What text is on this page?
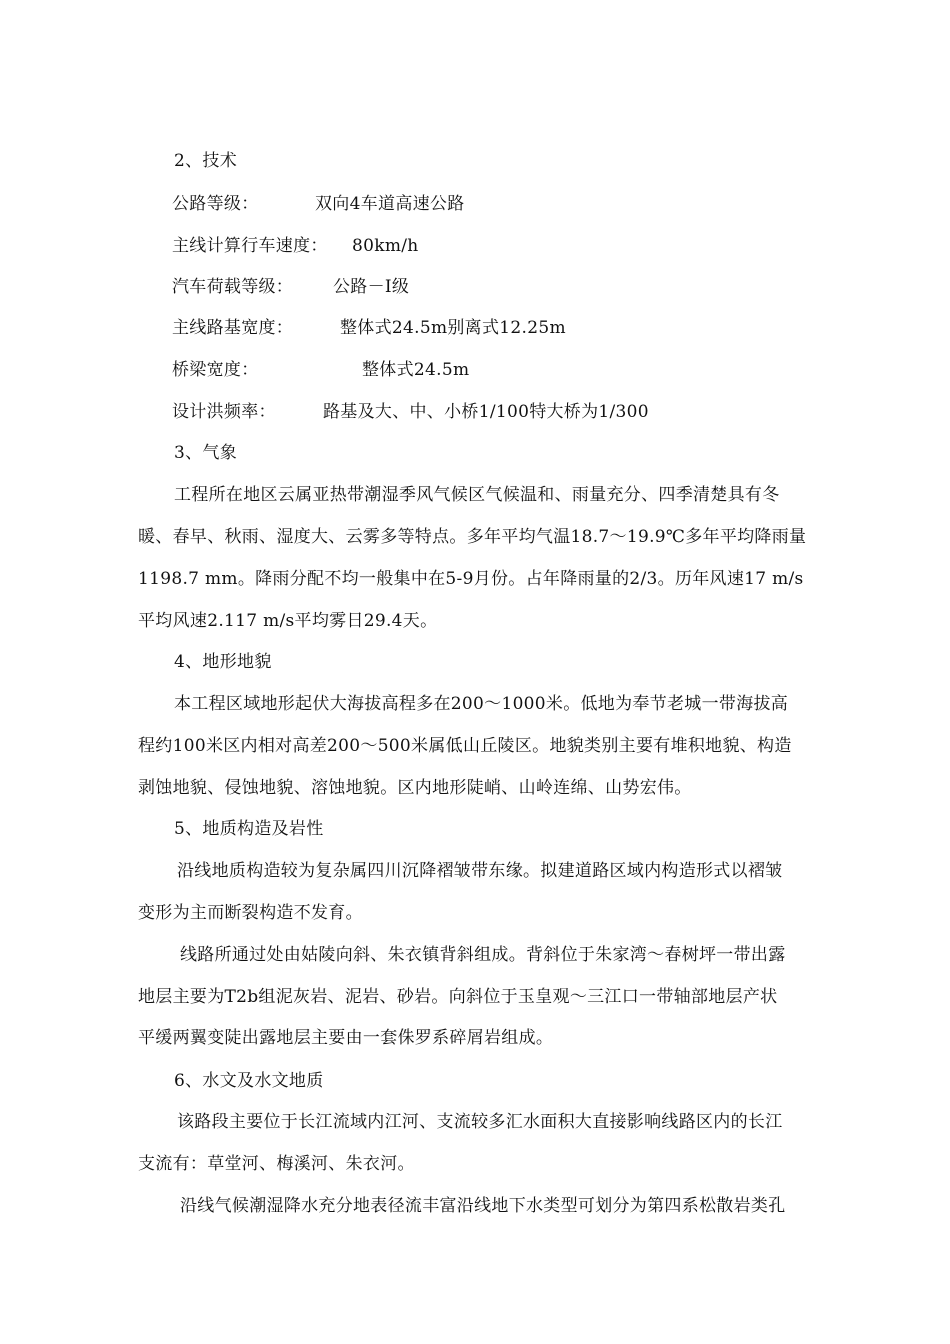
2、技术
公路等级：	双向4车道高速公路
主线计算行车速度： 80km/h
汽车荷载等级： 公路－Ⅰ级
主线路基宽度：	整体式24.5m别离式12.25m
桥梁宽度：	整体式24.5m
设计洪频率：	路基及大、中、小桥1/100特大桥为1/300
3、气象
工程所在地区云属亚热带潮湿季风气候区气候温和、雨量充分、四季清楚具有冬
暖、春早、秋雨、湿度大、云雾多等特点。多年平均气温18.7～19.9℃多年平均降雨量
1198.7 mm。降雨分配不均一般集中在5-9月份。占年降雨量的2/3。历年风速17 m/s
平均风速2.117 m/s平均雾日29.4天。
4、地形地貌
本工程区域地形起伏大海拔高程多在200～1000米。低地为奉节老城一带海拔高
程约100米区内相对高差200～500米属低山丘陵区。地貌类别主要有堆积地貌、构造
剥蚀地貌、侵蚀地貌、溶蚀地貌。区内地形陡峭、山岭连绵、山势宏伟。
5、地质构造及岩性
沿线地质构造较为复杂属四川沉降褶皱带东缘。拟建道路区域内构造形式以褶皱
变形为主而断裂构造不发育。
线路所通过处由姑陵向斜、朱衣镇背斜组成。背斜位于朱家湾～春树坪一带出露
地层主要为T2b组泥灰岩、泥岩、砂岩。向斜位于玉皇观～三江口一带轴部地层产状
平缓两翼变陡出露地层主要由一套侏罗系碎屑岩组成。
6、水文及水文地质
该路段主要位于长江流域内江河、支流较多汇水面积大直接影响线路区内的长江
支流有：草堂河、梅溪河、朱衣河。
沿线气候潮湿降水充分地表径流丰富沿线地下水类型可划分为第四系松散岩类孔
